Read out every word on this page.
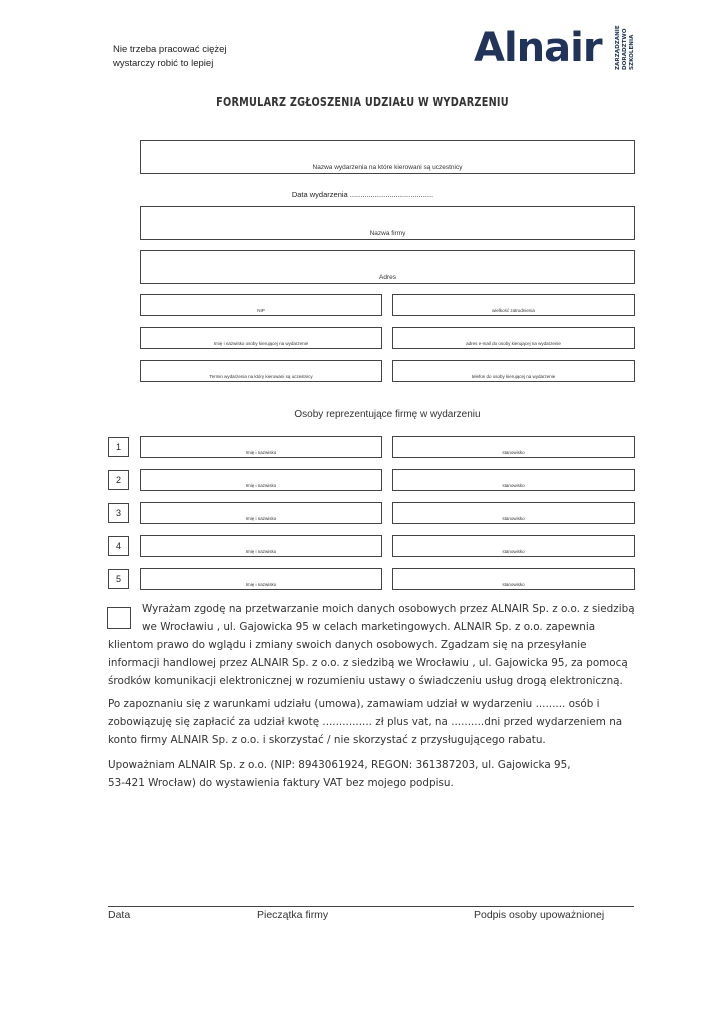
Nie trzeba pracować ciężej
wystarczy robić to lepiej	Alnair ZARZĄDZANIE DORADZTWO SZKOLENIA
FORMULARZ ZGŁOSZENIA UDZIAŁU W WYDARZENIU
Nazwa wydarzenia na które kierowani są uczestnicy
Data wydarzenia ........................................
Nazwa firmy
Adres
NIP	wielkość zatrudnienia
Imię i nazwisko osoby kierującej na wydarzenie	adres e-mail do osoby kierującej na wydarzenie
Termin wydarzenia na który kierowani są uczestnicy	telefon do osoby kierującej na wydarzenie
Osoby reprezentujące firmę w wydarzeniu
1
Imię i nazwisko	stanowisko
2
Imię i nazwisko	stanowisko
3
Imię i nazwisko	stanowisko
4
Imię i nazwisko	stanowisko
5
Imię i nazwisko	stanowisko
Wyrażam zgodę na przetwarzanie moich danych osobowych przez ALNAIR Sp. z o.o. z siedzibą
we Wrocławiu , ul. Gajowicka 95 w celach marketingowych. ALNAIR Sp. z o.o. zapewnia
klientom prawo do wglądu i zmiany swoich danych osobowych. Zgadzam się na przesyłanie
informacji handlowej przez ALNAIR Sp. z o.o. z siedzibą we Wrocławiu , ul. Gajowicka 95, za pomocą
środków komunikacji elektronicznej w rozumieniu ustawy o świadczeniu usług drogą elektroniczną.
Po zapoznaniu się z warunkami udziału (umowa), zamawiam udział w wydarzeniu ......... osób i
zobowiązuję się zapłacić za udział kwotę ............... zł plus vat, na ..........dni przed wydarzeniem na
konto firmy ALNAIR Sp. z o.o. i skorzystać / nie skorzystać z przysługującego rabatu.
Upoważniam ALNAIR Sp. z o.o. (NIP: 8943061924, REGON: 361387203, ul. Gajowicka 95,
53-421 Wrocław) do wystawienia faktury VAT bez mojego podpisu.
Data	Pieczątka firmy	Podpis osoby upoważnionej
